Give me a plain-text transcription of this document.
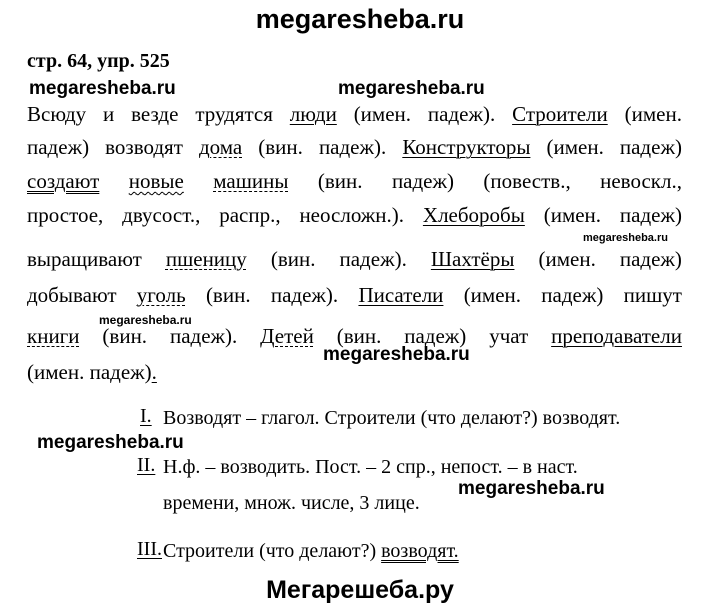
megaresheba.ru
стр. 64, упр. 525
megaresheba.ru
megaresheba.ru
Всюду и везде трудятся люди (имен. падеж). Строители (имен.
падеж) возводят дома (вин. падеж). Конструкторы (имен. падеж)
создают новые машины (вин. падеж) (повеств., невоскл.,
простое, двусост., распр., неосложн.). Хлеборобы (имен. падеж)
megaresheba.ru
выращивают пшеницу (вин. падеж). Шахтёры (имен. падеж)
добывают уголь (вин. падеж). Писатели (имен. падеж) пишут
megaresheba.ru
книги (вин. падеж). Детей (вин. падеж) учат преподаватели
megaresheba.ru
(имен. падеж).
I. Возводят – глагол. Строители (что делают?) возводят.
megaresheba.ru
II. Н.ф. – возводить. Пост. – 2 спр., непост. – в наст.
megaresheba.ru
времени, множ. числе, 3 лице.
III. Строители (что делают?) возводят.
Мегарешеба.ру
